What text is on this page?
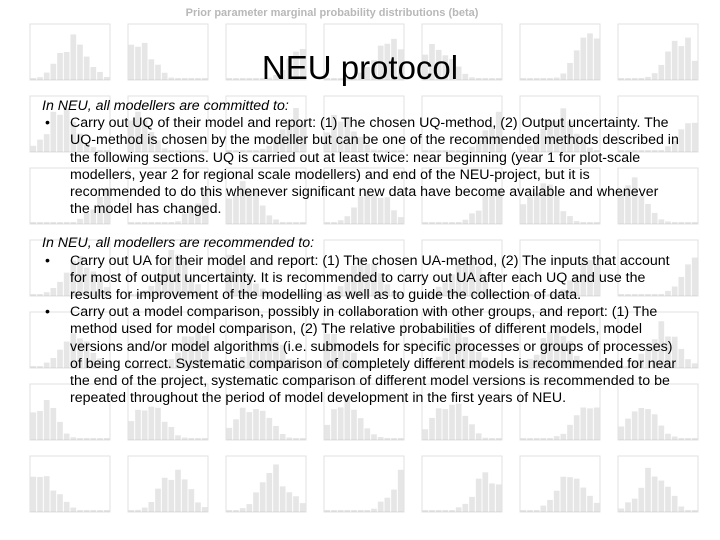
Prior parameter marginal probability distributions (beta)
NEU protocol

In NEU, all modellers are committed to:

• Carry out UQ of their model and report: (1) The chosen UQ-method, (2) Output uncertainty. The UQ-method is chosen by the modeller but can be one of the recommended methods described in the following sections. UQ is carried out at least twice: near beginning (year 1 for plot-scale modellers, year 2 for regional scale modellers) and end of the NEU-project, but it is recommended to do this whenever significant new data have become available and whenever the model has changed.

In NEU, all modellers are recommended to:

• Carry out UA for their model and report: (1) The chosen UA-method, (2) The inputs that account for most of output uncertainty. It is recommended to carry out UA after each UQ and use the results for improvement of the modelling as well as to guide the collection of data.
• Carry out a model comparison, possibly in collaboration with other groups, and report: (1) The method used for model comparison, (2) The relative probabilities of different models, model versions and/or model algorithms (i.e. submodels for specific processes or groups of processes) of being correct. Systematic comparison of completely different models is recommended for near the end of the project, systematic comparison of different model versions is recommended to be repeated throughout the period of model development in the first years of NEU.
